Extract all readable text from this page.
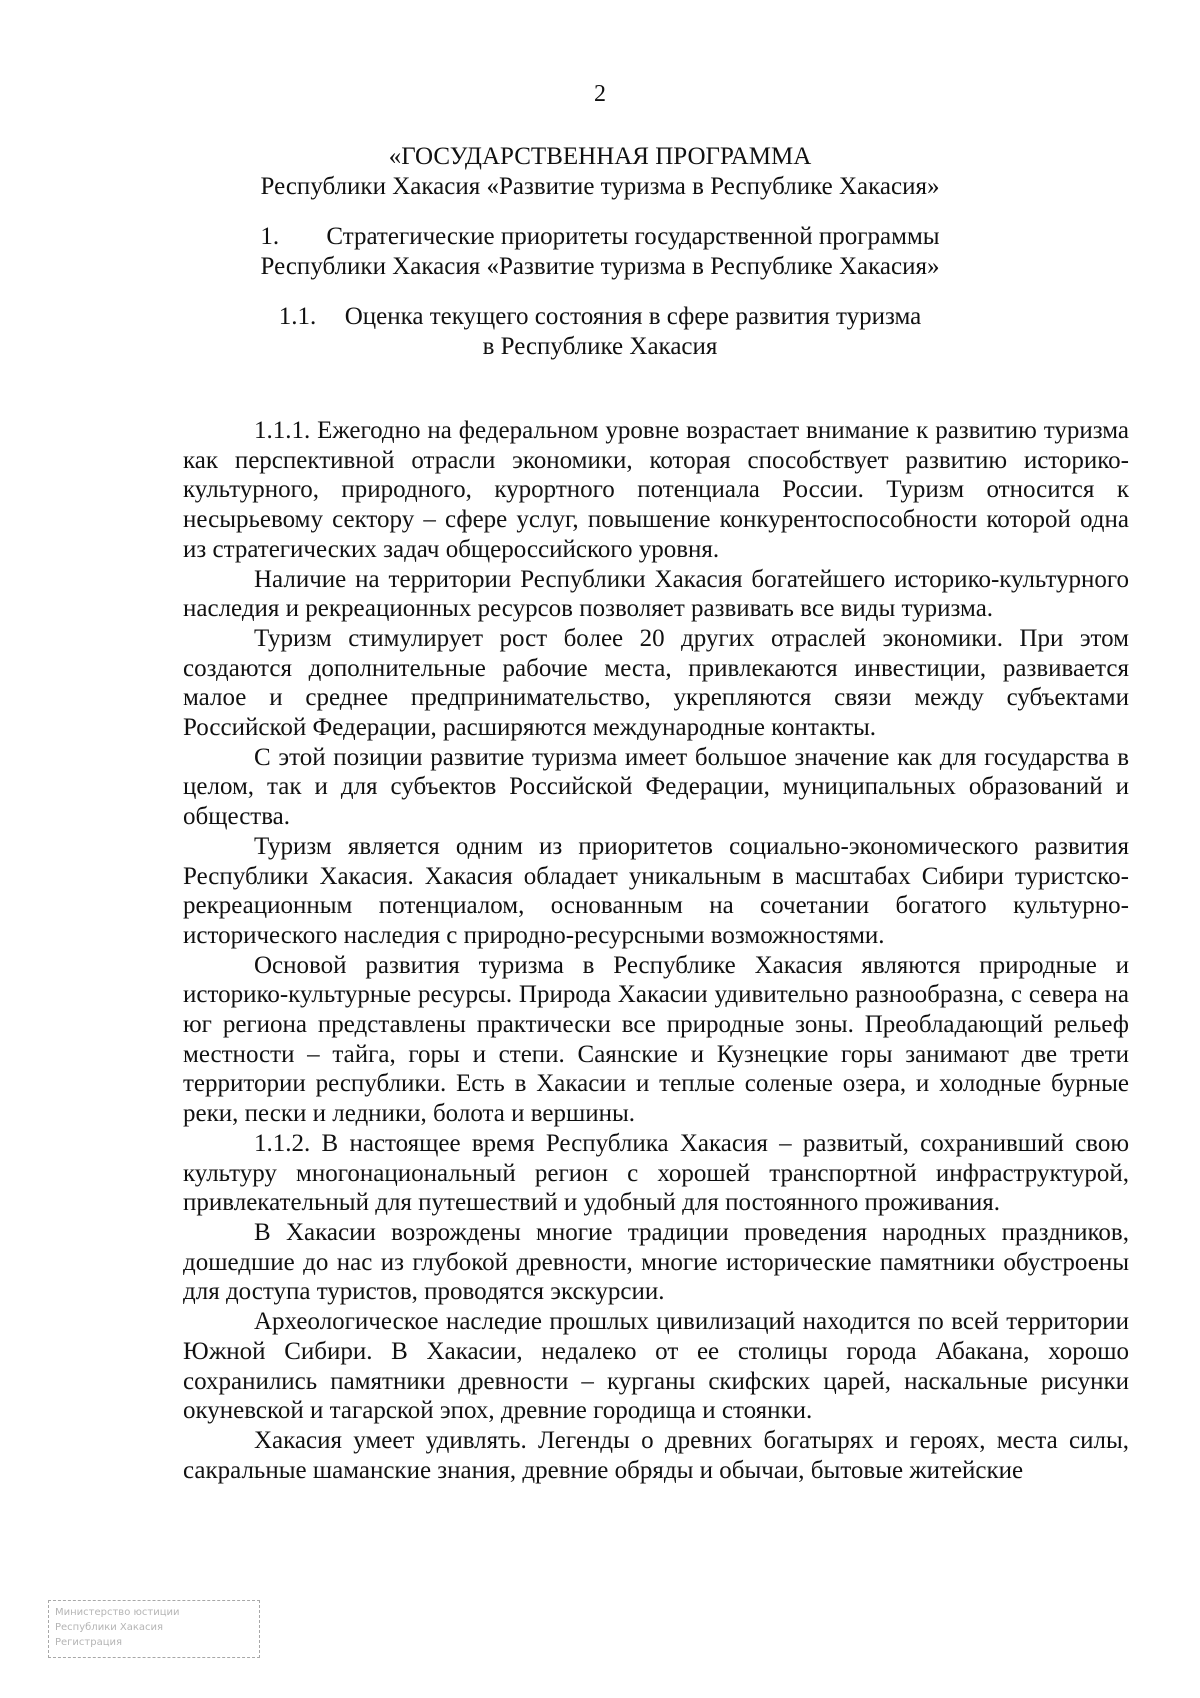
2
«ГОСУДАРСТВЕННАЯ ПРОГРАММА
Республики Хакасия «Развитие туризма в Республике Хакасия»
1. Стратегические приоритеты государственной программы
Республики Хакасия «Развитие туризма в Республике Хакасия»
1.1. Оценка текущего состояния в сфере развития туризма
в Республике Хакасия

1.1.1. Ежегодно на федеральном уровне возрастает внимание к развитию туризма как перспективной отрасли экономики, которая способствует развитию историко-культурного, природного, курортного потенциала России. Туризм относится к несырьевому сектору – сфере услуг, повышение конкурентоспособности которой одна из стратегических задач общероссийского уровня.

Наличие на территории Республики Хакасия богатейшего историко-культурного наследия и рекреационных ресурсов позволяет развивать все виды туризма.

Туризм стимулирует рост более 20 других отраслей экономики. При этом создаются дополнительные рабочие места, привлекаются инвестиции, развивается малое и среднее предпринимательство, укрепляются связи между субъектами Российской Федерации, расширяются международные контакты.

С этой позиции развитие туризма имеет большое значение как для государства в целом, так и для субъектов Российской Федерации, муниципальных образований и общества.

Туризм является одним из приоритетов социально-экономического развития Республики Хакасия. Хакасия обладает уникальным в масштабах Сибири туристско-рекреационным потенциалом, основанным на сочетании богатого культурно-исторического наследия с природно-ресурсными возможностями.

Основой развития туризма в Республике Хакасия являются природные и историко-культурные ресурсы. Природа Хакасии удивительно разнообразна, с севера на юг региона представлены практически все природные зоны. Преобладающий рельеф местности – тайга, горы и степи. Саянские и Кузнецкие горы занимают две трети территории республики. Есть в Хакасии и теплые соленые озера, и холодные бурные реки, пески и ледники, болота и вершины.

1.1.2. В настоящее время Республика Хакасия – развитый, сохранивший свою культуру многонациональный регион с хорошей транспортной инфраструктурой, привлекательный для путешествий и удобный для постоянного проживания.

В Хакасии возрождены многие традиции проведения народных праздников, дошедшие до нас из глубокой древности, многие исторические памятники обустроены для доступа туристов, проводятся экскурсии.

Археологическое наследие прошлых цивилизаций находится по всей территории Южной Сибири. В Хакасии, недалеко от ее столицы города Абакана, хорошо сохранились памятники древности – курганы скифских царей, наскальные рисунки окуневской и тагарской эпох, древние городища и стоянки.

Хакасия умеет удивлять. Легенды о древних богатырях и героях, места силы, сакральные шаманские знания, древние обряды и обычаи, бытовые житейские

Министерство юстиции
Республики Хакасия
Регистрация
